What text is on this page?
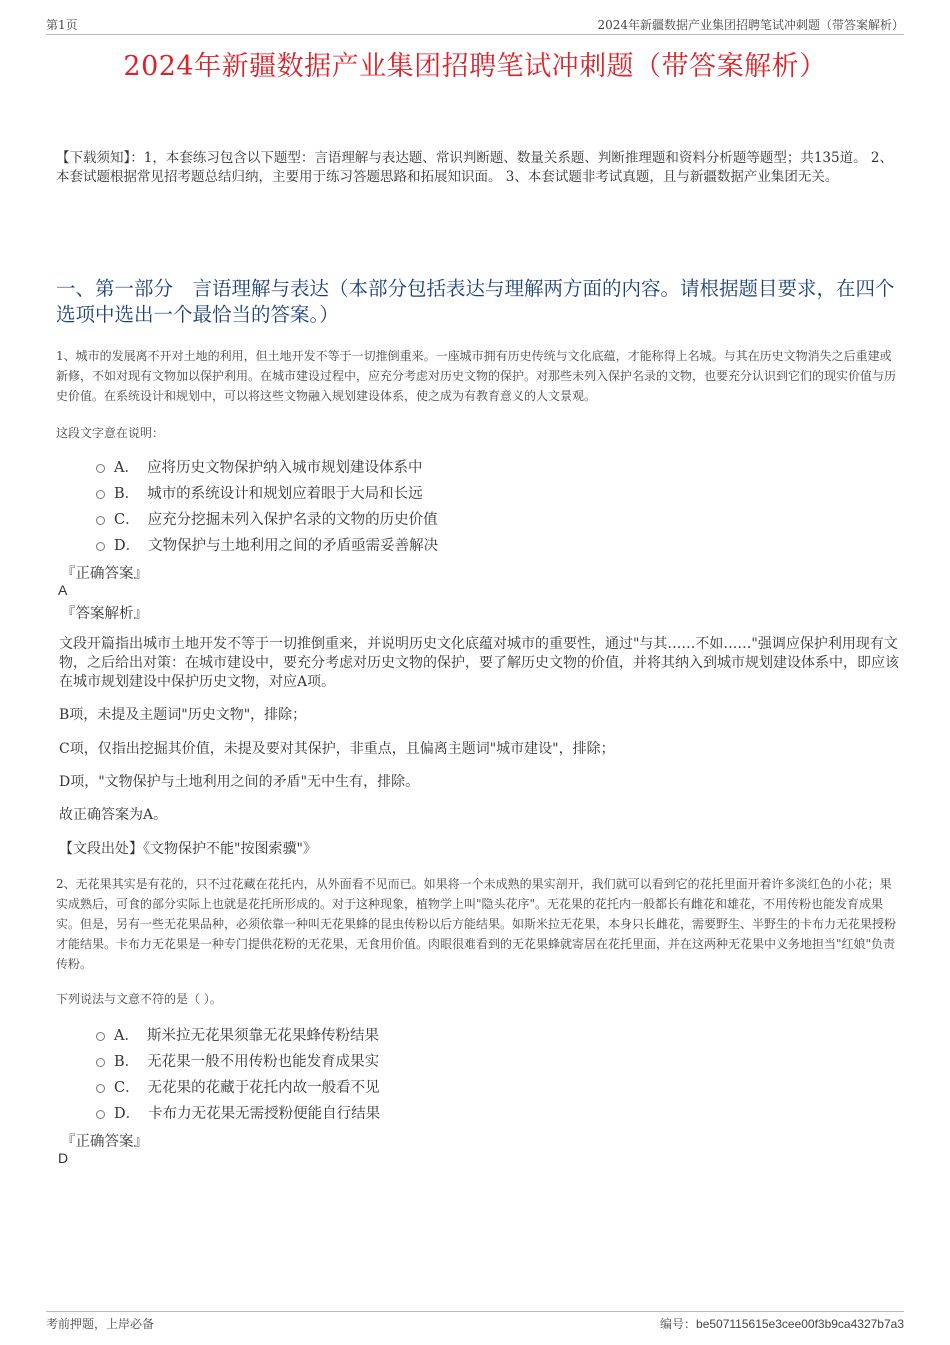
第1页	2024年新疆数据产业集团招聘笔试冲刺题（带答案解析）
2024年新疆数据产业集团招聘笔试冲刺题（带答案解析）
【下载须知】：1，本套练习包含以下题型：言语理解与表达题、常识判断题、数量关系题、判断推理题和资料分析题等题型；共135道。 2、本套试题根据常见招考题总结归纳，主要用于练习答题思路和拓展知识面。 3、本套试题非考试真题，且与新疆数据产业集团无关。
一、第一部分　言语理解与表达（本部分包括表达与理解两方面的内容。请根据题目要求，在四个选项中选出一个最恰当的答案。）
1、城市的发展离不开对土地的利用，但土地开发不等于一切推倒重来。一座城市拥有历史传统与文化底蕴，才能称得上名城。与其在历史文物消失之后重建或新修，不如对现有文物加以保护利用。在城市建设过程中，应充分考虑对历史文物的保护。对那些未列入保护名录的文物，也要充分认识到它们的现实价值与历史价值。在系统设计和规划中，可以将这些文物融入规划建设体系，使之成为有教育意义的人文景观。
这段文字意在说明：
A． 应将历史文物保护纳入城市规划建设体系中
B． 城市的系统设计和规划应着眼于大局和长远
C． 应充分挖掘未列入保护名录的文物的历史价值
D． 文物保护与土地利用之间的矛盾亟需妥善解决
『正确答案』
A
『答案解析』
文段开篇指出城市土地开发不等于一切推倒重来，并说明历史文化底蕴对城市的重要性，通过"与其……不如……"强调应保护利用现有文物，之后给出对策：在城市建设中，要充分考虑对历史文物的保护，要了解历史文物的价值，并将其纳入到城市规划建设体系中，即应该在城市规划建设中保护历史文物，对应A项。
B项，未提及主题词"历史文物"，排除；
C项，仅指出挖掘其价值，未提及要对其保护，非重点，且偏离主题词"城市建设"，排除；
D项，"文物保护与土地利用之间的矛盾"无中生有，排除。
故正确答案为A。
【文段出处】《文物保护不能"按图索骥"》
2、无花果其实是有花的，只不过花藏在花托内，从外面看不见而已。如果将一个未成熟的果实剖开，我们就可以看到它的花托里面开着许多淡红色的小花；果实成熟后，可食的部分实际上也就是花托所形成的。对于这种现象，植物学上叫"隐头花序"。无花果的花托内一般都长有雌花和雄花，不用传粉也能发育成果实。但是，另有一些无花果品种，必须依靠一种叫无花果蜂的昆虫传粉以后方能结果。如斯米拉无花果，本身只长雌花，需要野生、半野生的卡布力无花果授粉才能结果。卡布力无花果是一种专门提供花粉的无花果，无食用价值。肉眼很难看到的无花果蜂就寄居在花托里面，并在这两种无花果中义务地担当"红娘"负责传粉。
下列说法与文意不符的是（ ）。
A． 斯米拉无花果须靠无花果蜂传粉结果
B． 无花果一般不用传粉也能发育成果实
C． 无花果的花藏于花托内故一般看不见
D． 卡布力无花果无需授粉便能自行结果
『正确答案』
D
考前押题，上岸必备	编号：be507115615e3cee00f3b9ca4327b7a3
